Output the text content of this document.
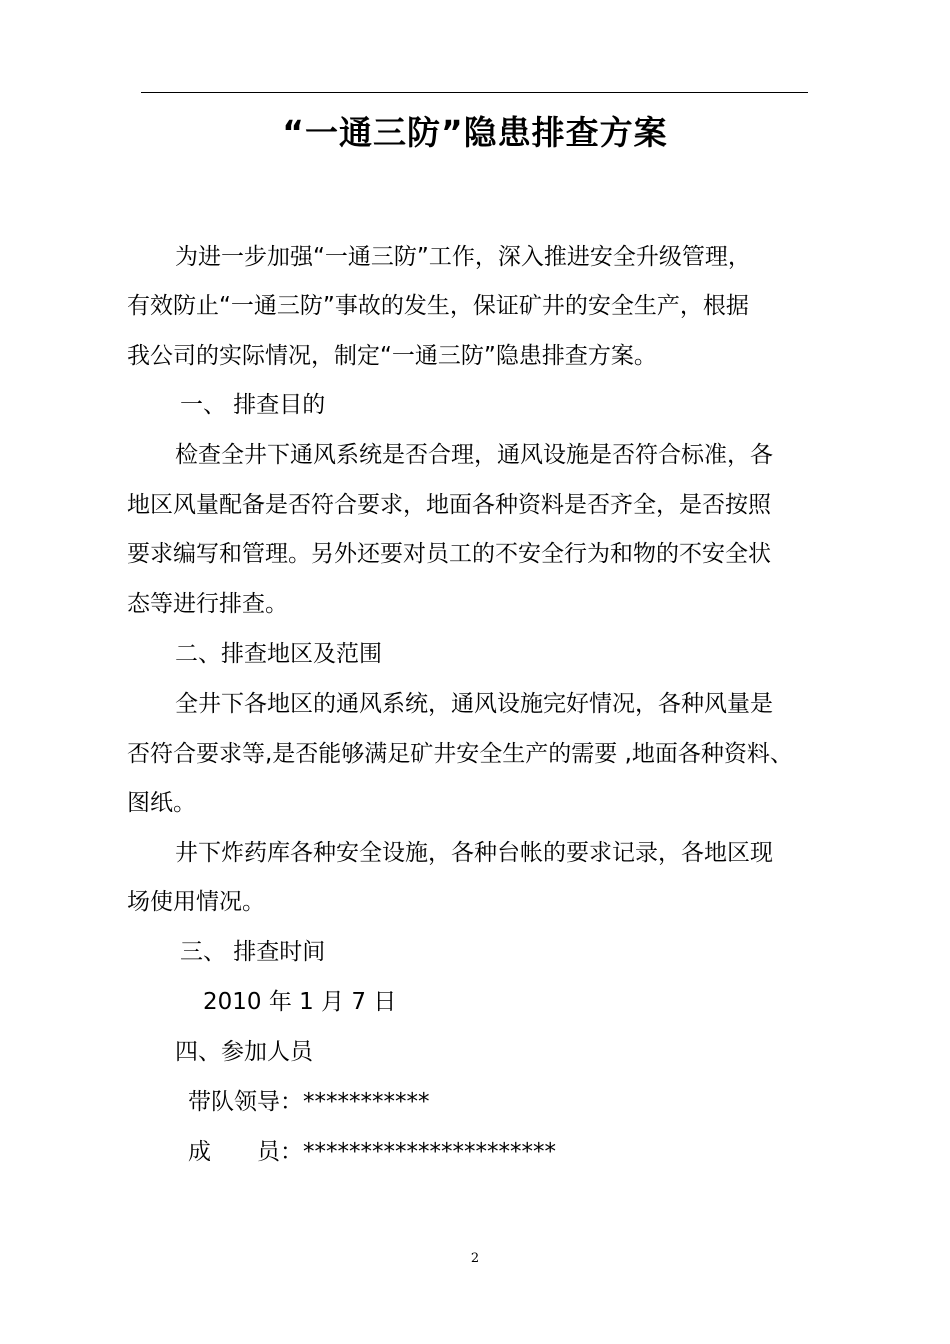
“一通三防”隐患排查方案
为进一步加强“一通三防”工作，深入推进安全升级管理，
有效防止“一通三防”事故的发生，保证矿井的安全生产，根据
我公司的实际情况，制定“一通三防”隐患排查方案。
一、 排查目的
检查全井下通风系统是否合理，通风设施是否符合标准，各
地区风量配备是否符合要求，地面各种资料是否齐全，是否按照
要求编写和管理。另外还要对员工的不安全行为和物的不安全状
态等进行排查。
二、排查地区及范围
全井下各地区的通风系统，通风设施完好情况，各种风量是
否符合要求等,是否能够满足矿井安全生产的需要 ,地面各种资料、
图纸。
井下炸药库各种安全设施，各种台帐的要求记录，各地区现
场使用情况。
三、 排查时间
2010 年 1 月 7 日
四、参加人员
带队领导：***********
成　　员：**********************
2
